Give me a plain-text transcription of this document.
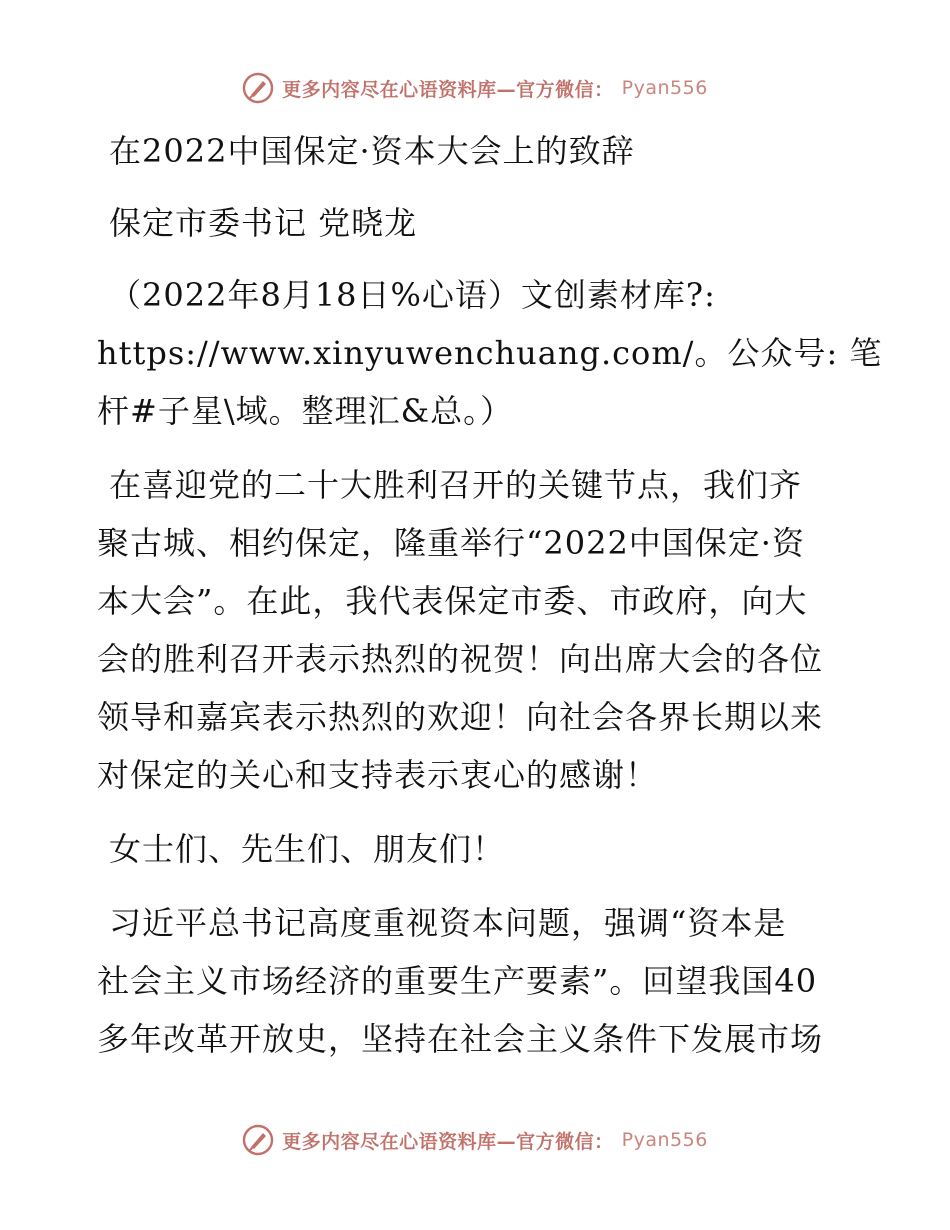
更多内容尽在心语资料库—官方微信： Pyan556
在2022中国保定·资本大会上的致辞
保定市委书记 党晓龙
（2022年8月18日%心语）文创素材库?:
https://www.xinyuwenchuang.com/。公众号: 笔
杆#子星\域。整理汇&总。）
在喜迎党的二十大胜利召开的关键节点，我们齐
聚古城、相约保定，隆重举行“2022中国保定·资
本大会”。在此，我代表保定市委、市政府，向大
会的胜利召开表示热烈的祝贺！向出席大会的各位
领导和嘉宾表示热烈的欢迎！向社会各界长期以来
对保定的关心和支持表示衷心的感谢！
女士们、先生们、朋友们！
习近平总书记高度重视资本问题，强调“资本是
社会主义市场经济的重要生产要素”。回望我国40
多年改革开放史，坚持在社会主义条件下发展市场
更多内容尽在心语资料库—官方微信： Pyan556
